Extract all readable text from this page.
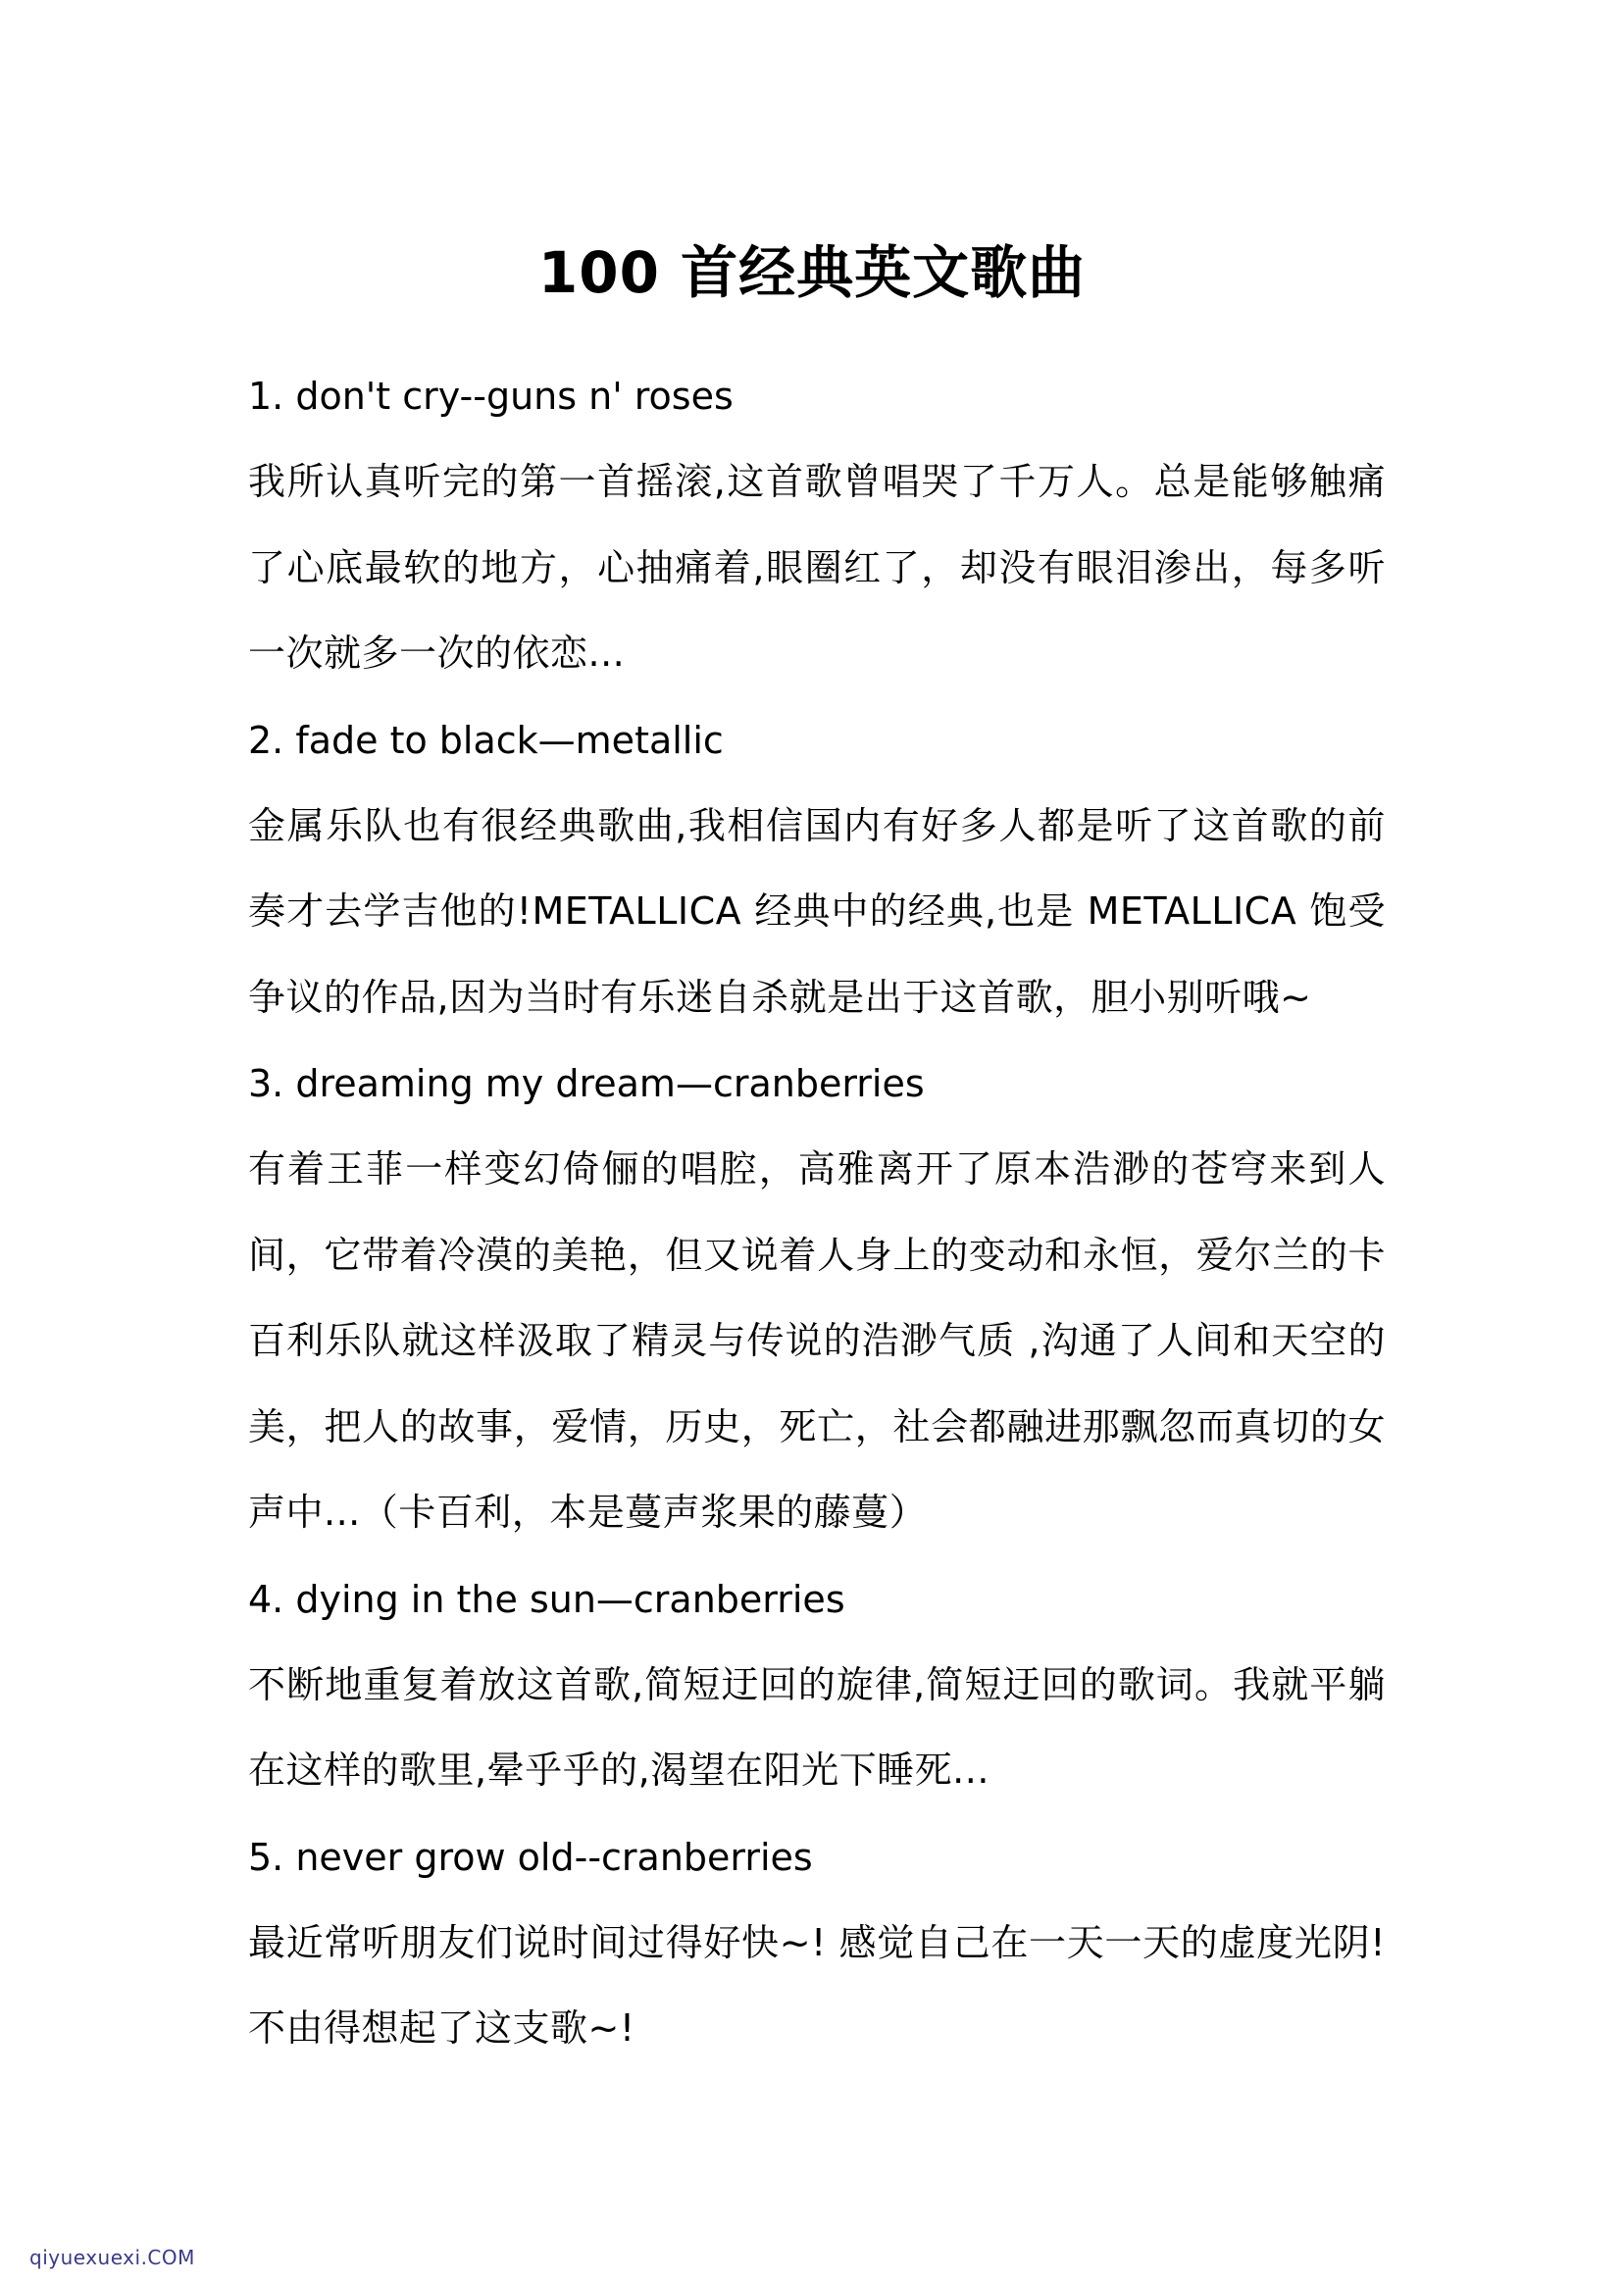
100 首经典英文歌曲
1. don't cry--guns n' roses
我所认真听完的第一首摇滚,这首歌曾唱哭了千万人。总是能够触痛了心底最软的地方，心抽痛着,眼圈红了，却没有眼泪渗出，每多听一次就多一次的依恋...
2. fade to black—metallic
金属乐队也有很经典歌曲,我相信国内有好多人都是听了这首歌的前奏才去学吉他的!METALLICA 经典中的经典,也是 METALLICA 饱受争议的作品,因为当时有乐迷自杀就是出于这首歌，胆小别听哦~
3. dreaming my dream—cranberries
有着王菲一样变幻倚俪的唱腔，高雅离开了原本浩渺的苍穹来到人间，它带着冷漠的美艳，但又说着人身上的变动和永恒，爱尔兰的卡百利乐队就这样汲取了精灵与传说的浩渺气质 ,沟通了人间和天空的美，把人的故事，爱情，历史，死亡，社会都融进那飘忽而真切的女声中...（卡百利，本是蔓声浆果的藤蔓）
4. dying in the sun—cranberries
不断地重复着放这首歌,简短迂回的旋律,简短迂回的歌词。我就平躺在这样的歌里,晕乎乎的,渴望在阳光下睡死...
5. never grow old--cranberries
最近常听朋友们说时间过得好快~! 感觉自己在一天一天的虚度光阴!不由得想起了这支歌~!
qiyuexuexi.COM
